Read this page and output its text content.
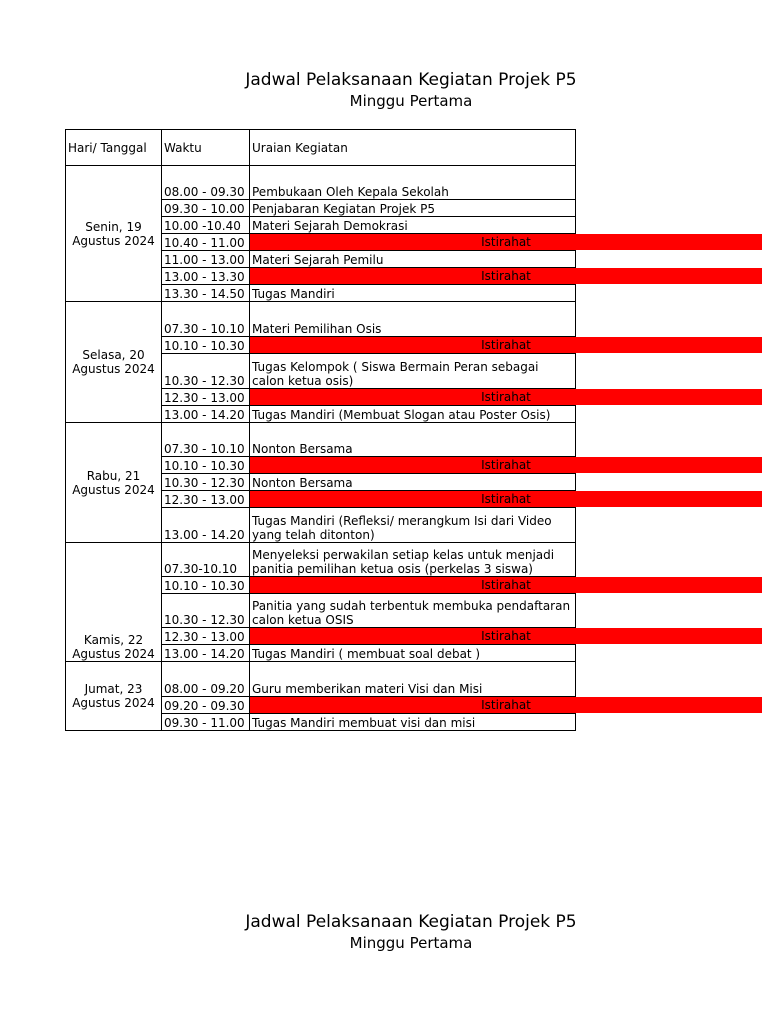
Jadwal Pelaksanaan Kegiatan Projek P5
Minggu Pertama
Hari/ Tanggal	Waktu	Uraian Kegiatan
Senin, 19 Agustus 2024	08.00 - 09.30	Pembukaan Oleh Kepala Sekolah
	09.30 - 10.00	Penjabaran Kegiatan Projek P5
	10.00 -10.40	Materi Sejarah Demokrasi
	10.40 - 11.00	Istirahat

	11.00 - 13.00	Materi Sejarah Pemilu
	13.00 - 13.30	Istirahat

	13.30 - 14.50	Tugas Mandiri
Selasa, 20 Agustus 2024	07.30 - 10.10	Materi Pemilihan Osis
	10.10 - 10.30	Istirahat

	10.30 - 12.30	Tugas Kelompok ( Siswa Bermain Peran sebagai calon ketua osis)
	12.30 - 13.00	Istirahat

	13.00 - 14.20	Tugas Mandiri (Membuat Slogan atau Poster Osis)
Rabu, 21 Agustus 2024	07.30 - 10.10	Nonton Bersama
	10.10 - 10.30	Istirahat

	10.30 - 12.30	Nonton Bersama
	12.30 - 13.00	Istirahat

	13.00 - 14.20	Tugas Mandiri (Refleksi/ merangkum Isi dari Video yang telah ditonton)
Kamis, 22 Agustus 2024	07.30-10.10	Menyeleksi perwakilan setiap kelas untuk menjadi panitia pemilihan ketua osis (perkelas 3 siswa)
	10.10 - 10.30	Istirahat

	10.30 - 12.30	Panitia yang sudah terbentuk membuka pendaftaran calon ketua OSIS
	12.30 - 13.00	Istirahat

	13.00 - 14.20	Tugas Mandiri ( membuat soal debat )
Jumat, 23 Agustus 2024	08.00 - 09.20	Guru memberikan materi Visi dan Misi
	09.20 - 09.30	Istirahat

	09.30 - 11.00	Tugas Mandiri membuat visi dan misi
Jadwal Pelaksanaan Kegiatan Projek P5
Minggu Pertama
